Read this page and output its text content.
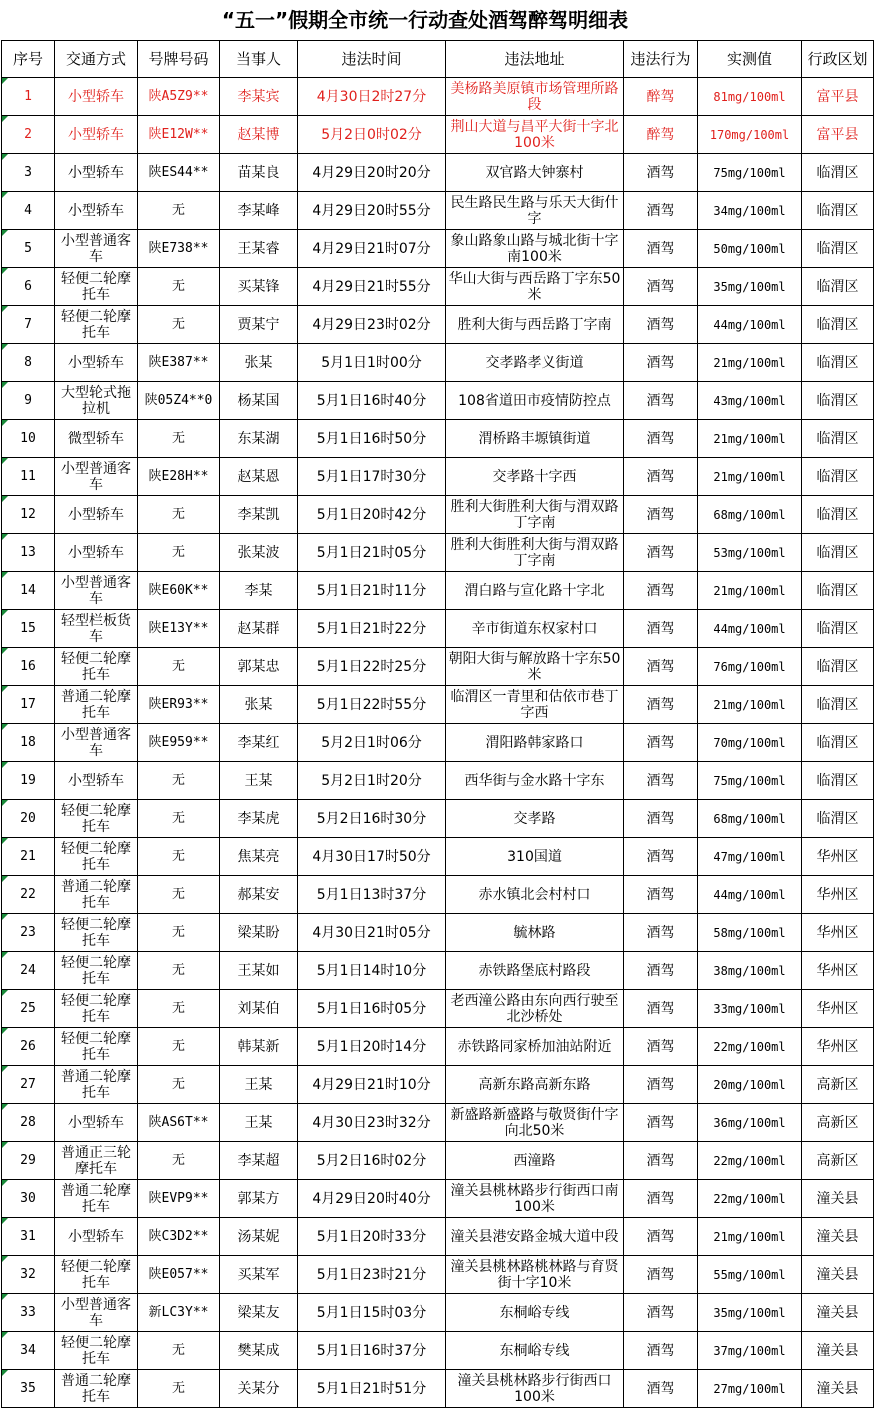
“五一”假期全市统一行动查处酒驾醉驾明细表
序号	交通方式	号牌号码	当事人	违法时间	违法地址	违法行为	实测值	行政区划

1	小型轿车	陕A5Z9**	李某宾	4月30日2时27分	美杨路美原镇市场管理所路段	醉驾	81mg/100ml	富平县

2	小型轿车	陕E12W**	赵某博	5月2日0时02分	荆山大道与昌平大街十字北100米	醉驾	170mg/100ml	富平县

3	小型轿车	陕ES44**	苗某良	4月29日20时20分	双官路大钟寨村	酒驾	75mg/100ml	临渭区

4	小型轿车	无	李某峰	4月29日20时55分	民生路民生路与乐天大街什字	酒驾	34mg/100ml	临渭区

5	小型普通客车	陕E738**	王某睿	4月29日21时07分	象山路象山路与城北街十字南100米	酒驾	50mg/100ml	临渭区

6	轻便二轮摩托车	无	买某锋	4月29日21时55分	华山大街与西岳路丁字东50米	酒驾	35mg/100ml	临渭区

7	轻便二轮摩托车	无	贾某宁	4月29日23时02分	胜利大街与西岳路丁字南	酒驾	44mg/100ml	临渭区

8	小型轿车	陕E387**	张某	5月1日1时00分	交孝路孝义街道	酒驾	21mg/100ml	临渭区

9	大型轮式拖拉机	陕05Z4**0	杨某国	5月1日16时40分	108省道田市疫情防控点	酒驾	43mg/100ml	临渭区

10	微型轿车	无	东某湖	5月1日16时50分	渭桥路丰塬镇街道	酒驾	21mg/100ml	临渭区

11	小型普通客车	陕E28H**	赵某恩	5月1日17时30分	交孝路十字西	酒驾	21mg/100ml	临渭区

12	小型轿车	无	李某凯	5月1日20时42分	胜利大街胜利大街与渭双路丁字南	酒驾	68mg/100ml	临渭区

13	小型轿车	无	张某波	5月1日21时05分	胜利大街胜利大街与渭双路丁字南	酒驾	53mg/100ml	临渭区

14	小型普通客车	陕E60K**	李某	5月1日21时11分	渭白路与宣化路十字北	酒驾	21mg/100ml	临渭区

15	轻型栏板货车	陕E13Y**	赵某群	5月1日21时22分	辛市街道东权家村口	酒驾	44mg/100ml	临渭区

16	轻便二轮摩托车	无	郭某忠	5月1日22时25分	朝阳大街与解放路十字东50米	酒驾	76mg/100ml	临渭区

17	普通二轮摩托车	陕ER93**	张某	5月1日22时55分	临渭区一青里和估依市巷丁字西	酒驾	21mg/100ml	临渭区

18	小型普通客车	陕E959**	李某红	5月2日1时06分	渭阳路韩家路口	酒驾	70mg/100ml	临渭区

19	小型轿车	无	王某	5月2日1时20分	西华街与金水路十字东	酒驾	75mg/100ml	临渭区

20	轻便二轮摩托车	无	李某虎	5月2日16时30分	交孝路	酒驾	68mg/100ml	临渭区

21	轻便二轮摩托车	无	焦某亮	4月30日17时50分	310国道	酒驾	47mg/100ml	华州区

22	普通二轮摩托车	无	郝某安	5月1日13时37分	赤水镇北会村村口	酒驾	44mg/100ml	华州区

23	轻便二轮摩托车	无	梁某盼	4月30日21时05分	毓林路	酒驾	58mg/100ml	华州区

24	轻便二轮摩托车	无	王某如	5月1日14时10分	赤铁路堡底村路段	酒驾	38mg/100ml	华州区

25	轻便二轮摩托车	无	刘某伯	5月1日16时05分	老西潼公路由东向西行驶至北沙桥处	酒驾	33mg/100ml	华州区

26	轻便二轮摩托车	无	韩某新	5月1日20时14分	赤铁路同家桥加油站附近	酒驾	22mg/100ml	华州区

27	普通二轮摩托车	无	王某	4月29日21时10分	高新东路高新东路	酒驾	20mg/100ml	高新区

28	小型轿车	陕AS6T**	王某	4月30日23时32分	新盛路新盛路与敬贤街什字向北50米	酒驾	36mg/100ml	高新区

29	普通正三轮摩托车	无	李某超	5月2日16时02分	西潼路	酒驾	22mg/100ml	高新区

30	普通二轮摩托车	陕EVP9**	郭某方	4月29日20时40分	潼关县桃林路步行街西口南100米	酒驾	22mg/100ml	潼关县

31	小型轿车	陕C3D2**	汤某妮	5月1日20时33分	潼关县港安路金城大道中段	酒驾	21mg/100ml	潼关县

32	轻便二轮摩托车	陕E057**	买某军	5月1日23时21分	潼关县桃林路桃林路与育贤街十字10米	酒驾	55mg/100ml	潼关县

33	小型普通客车	新LC3Y**	梁某友	5月1日15时03分	东桐峪专线	酒驾	35mg/100ml	潼关县

34	轻便二轮摩托车	无	樊某成	5月1日16时37分	东桐峪专线	酒驾	37mg/100ml	潼关县

35	普通二轮摩托车	无	关某分	5月1日21时51分	潼关县桃林路步行街西口100米	酒驾	27mg/100ml	潼关县
